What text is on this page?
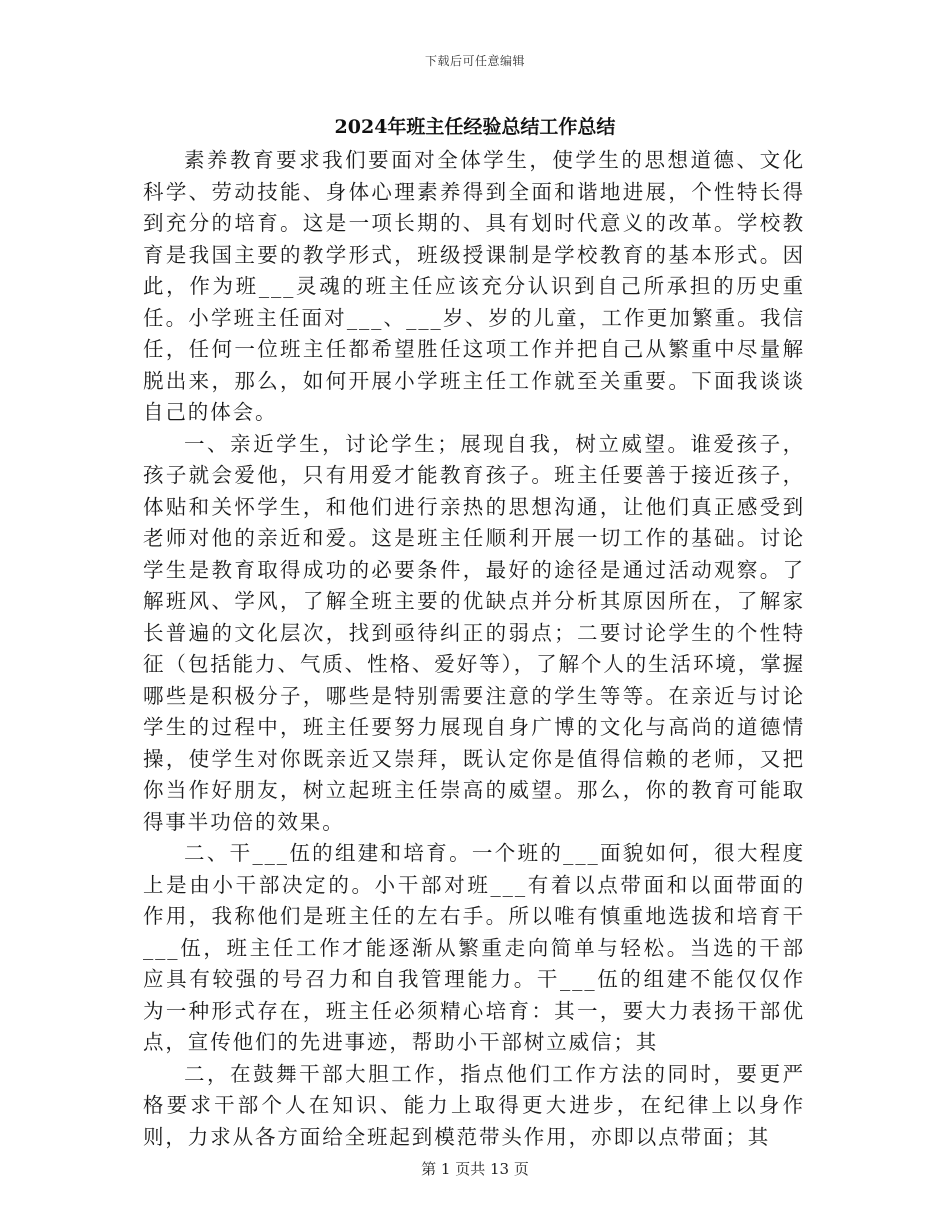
下载后可任意编辑
2024年班主任经验总结工作总结

素养教育要求我们要面对全体学生，使学生的思想道德、文化科学、劳动技能、身体心理素养得到全面和谐地进展，个性特长得到充分的培育。这是一项长期的、具有划时代意义的改革。学校教育是我国主要的教学形式，班级授课制是学校教育的基本形式。因此，作为班___灵魂的班主任应该充分认识到自己所承担的历史重任。小学班主任面对___、___岁、岁的儿童，工作更加繁重。我信任，任何一位班主任都希望胜任这项工作并把自己从繁重中尽量解脱出来，那么，如何开展小学班主任工作就至关重要。下面我谈谈自己的体会。

一、亲近学生，讨论学生；展现自我，树立威望。谁爱孩子，孩子就会爱他，只有用爱才能教育孩子。班主任要善于接近孩子，体贴和关怀学生，和他们进行亲热的思想沟通，让他们真正感受到老师对他的亲近和爱。这是班主任顺利开展一切工作的基础。讨论学生是教育取得成功的必要条件，最好的途径是通过活动观察。了解班风、学风，了解全班主要的优缺点并分析其原因所在，了解家长普遍的文化层次，找到亟待纠正的弱点；二要讨论学生的个性特征（包括能力、气质、性格、爱好等），了解个人的生活环境，掌握哪些是积极分子，哪些是特别需要注意的学生等等。在亲近与讨论学生的过程中，班主任要努力展现自身广博的文化与高尚的道德情操，使学生对你既亲近又崇拜，既认定你是值得信赖的老师，又把你当作好朋友，树立起班主任崇高的威望。那么，你的教育可能取得事半功倍的效果。

二、干___伍的组建和培育。一个班的___面貌如何，很大程度上是由小干部决定的。小干部对班___有着以点带面和以面带面的作用，我称他们是班主任的左右手。所以唯有慎重地选拔和培育干___伍，班主任工作才能逐渐从繁重走向简单与轻松。当选的干部应具有较强的号召力和自我管理能力。干___伍的组建不能仅仅作为一种形式存在，班主任必须精心培育：其一，要大力表扬干部优点，宣传他们的先进事迹，帮助小干部树立威信；其

二，在鼓舞干部大胆工作，指点他们工作方法的同时，要更严格要求干部个人在知识、能力上取得更大进步，在纪律上以身作则，力求从各方面给全班起到模范带头作用，亦即以点带面；其

第 1 页共 13 页
